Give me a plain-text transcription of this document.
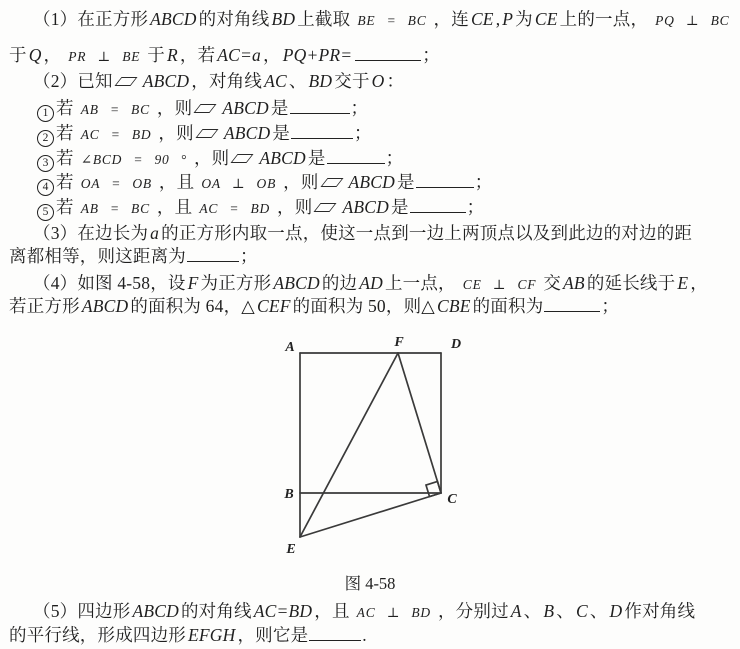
（1）在正方形 ABCD 的对角线 BD 上截取 BE = BC ，连 CE , P 为 CE 上的一点， PQ ⊥ BC
于 Q ， PR ⊥ BE 于 R ，若 AC=a ， PQ+PR=	；
（2）已知 ABCD ，对角线 AC 、 BD 交于 O ：
1 若 AB = BC ，则 ABCD 是	；
2 若 AC = BD ，则 ABCD 是	；
3 若 ∠BCD = 90 ° ，则 ABCD 是	；
4 若 OA = OB ，且 OA ⊥ OB ，则 ABCD 是	；
5 若 AB = BC ，且 AC = BD ，则 ABCD 是	；
（3）在边长为 a 的正方形内取一点，使这一点到一边上两顶点以及到此边的对边的距
离都相等，则这距离为	；
（4）如图 4-58，设 F 为正方形 ABCD 的边 AD 上一点， CE ⊥ CF 交 AB 的延长线于 E ，
若正方形 ABCD 的面积为 64，△ CEF 的面积为 50，则△ CBE 的面积为	；
（5）四边形 ABCD 的对角线 AC=BD ，且 AC ⊥ BD ，分别过 A 、 B 、 C 、 D 作对角线
的平行线，形成四边形 EFGH ，则它是	.
A	F	D
B	C
E
图 4-58
